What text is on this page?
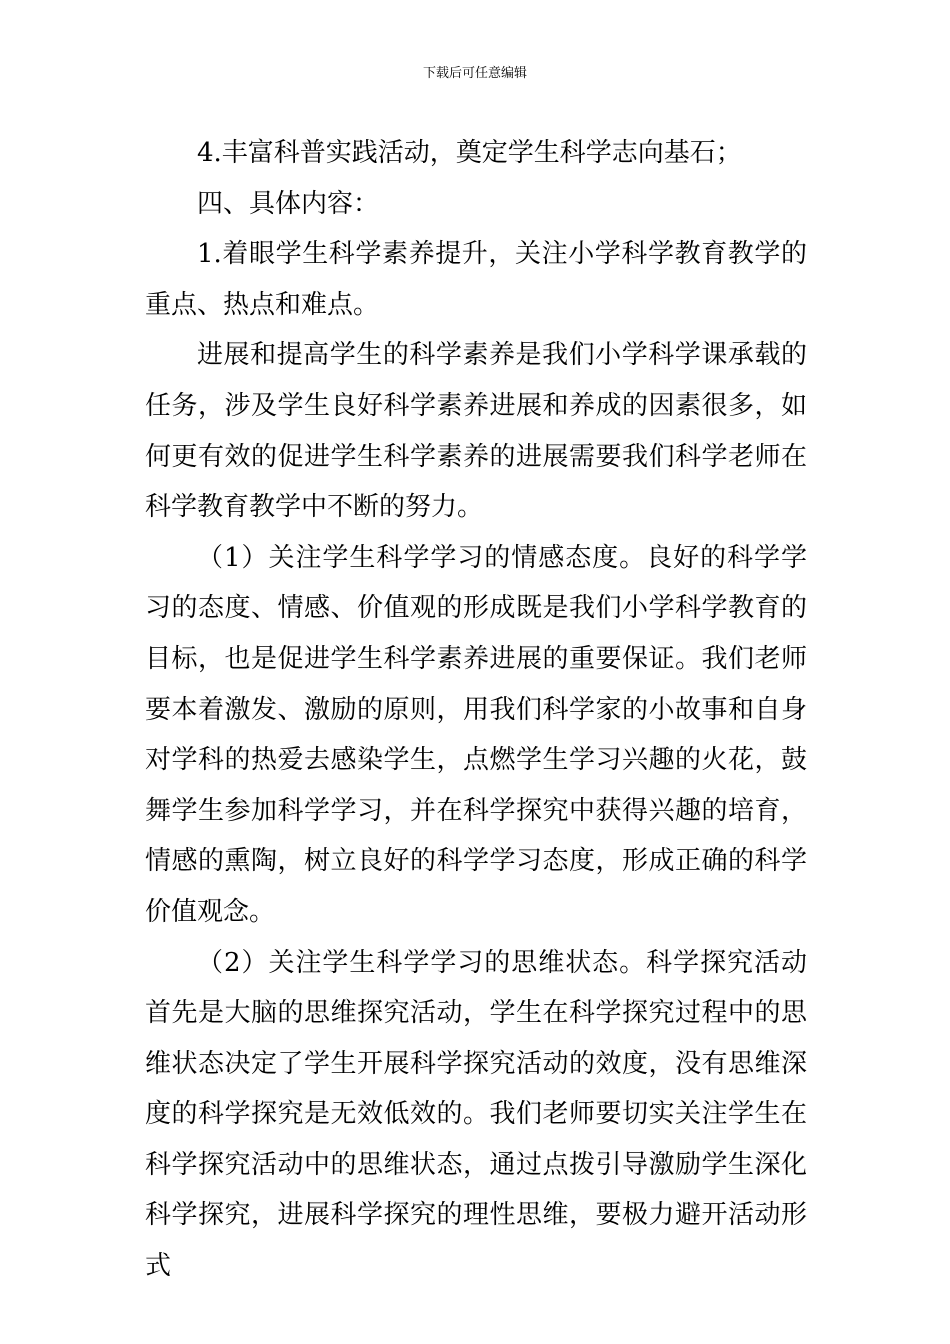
下载后可任意编辑

4.丰富科普实践活动，奠定学生科学志向基石；

四、具体内容：

1.着眼学生科学素养提升，关注小学科学教育教学的重点、热点和难点。

进展和提高学生的科学素养是我们小学科学课承载的任务，涉及学生良好科学素养进展和养成的因素很多，如何更有效的促进学生科学素养的进展需要我们科学老师在科学教育教学中不断的努力。

（1）关注学生科学学习的情感态度。良好的科学学习的态度、情感、价值观的形成既是我们小学科学教育的目标，也是促进学生科学素养进展的重要保证。我们老师要本着激发、激励的原则，用我们科学家的小故事和自身对学科的热爱去感染学生，点燃学生学习兴趣的火花，鼓舞学生参加科学学习，并在科学探究中获得兴趣的培育，情感的熏陶，树立良好的科学学习态度，形成正确的科学价值观念。

（2）关注学生科学学习的思维状态。科学探究活动首先是大脑的思维探究活动，学生在科学探究过程中的思维状态决定了学生开展科学探究活动的效度，没有思维深度的科学探究是无效低效的。我们老师要切实关注学生在科学探究活动中的思维状态，通过点拨引导激励学生深化科学探究，进展科学探究的理性思维，要极力避开活动形式
